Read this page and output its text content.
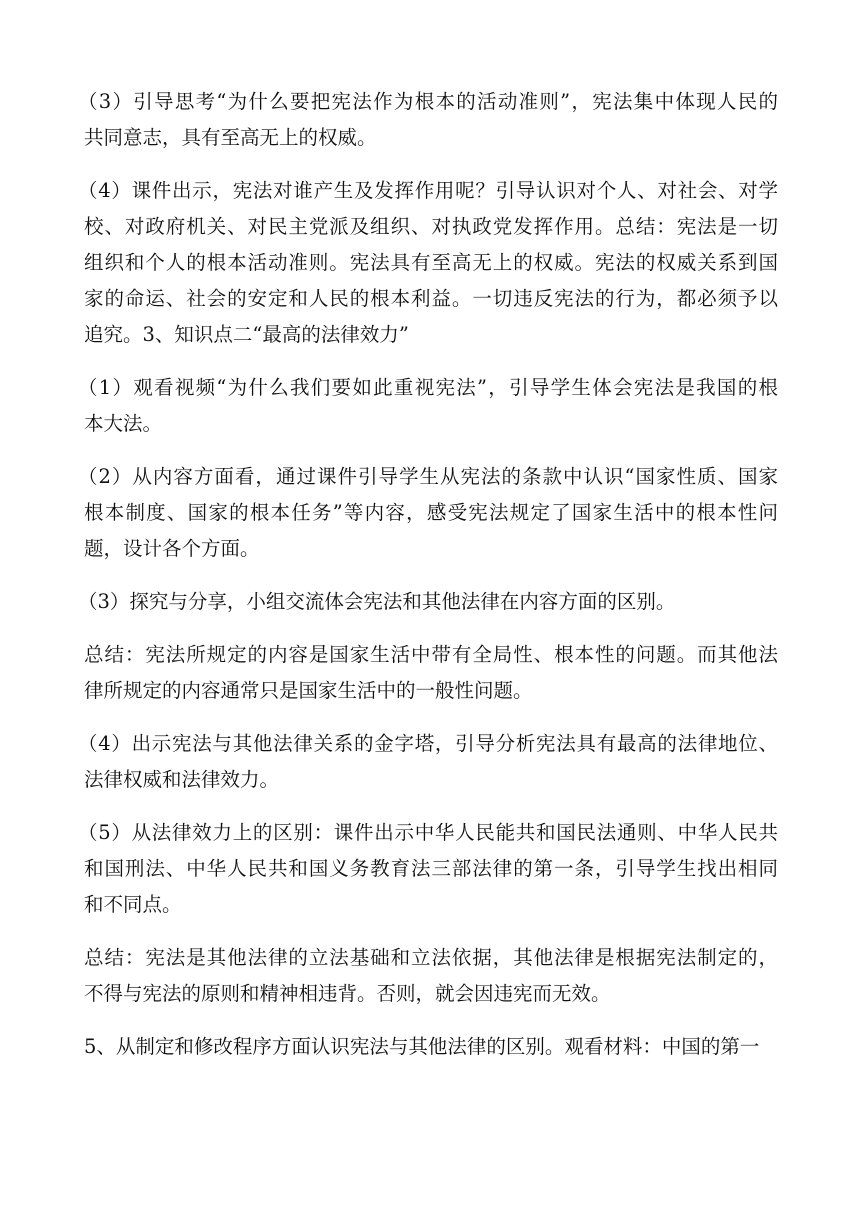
（3）引导思考“为什么要把宪法作为根本的活动准则”，宪法集中体现人民的
共同意志，具有至高无上的权威。
（4）课件出示，宪法对谁产生及发挥作用呢？引导认识对个人、对社会、对学
校、对政府机关、对民主党派及组织、对执政党发挥作用。总结：宪法是一切
组织和个人的根本活动准则。宪法具有至高无上的权威。宪法的权威关系到国
家的命运、社会的安定和人民的根本利益。一切违反宪法的行为，都必须予以
追究。3、知识点二“最高的法律效力”
（1）观看视频“为什么我们要如此重视宪法”，引导学生体会宪法是我国的根
本大法。
（2）从内容方面看，通过课件引导学生从宪法的条款中认识“国家性质、国家
根本制度、国家的根本任务”等内容，感受宪法规定了国家生活中的根本性问
题，设计各个方面。
（3）探究与分享，小组交流体会宪法和其他法律在内容方面的区别。
总结：宪法所规定的内容是国家生活中带有全局性、根本性的问题。而其他法
律所规定的内容通常只是国家生活中的一般性问题。
（4）出示宪法与其他法律关系的金字塔，引导分析宪法具有最高的法律地位、
法律权威和法律效力。
（5）从法律效力上的区别：课件出示中华人民能共和国民法通则、中华人民共
和国刑法、中华人民共和国义务教育法三部法律的第一条，引导学生找出相同
和不同点。
总结：宪法是其他法律的立法基础和立法依据，其他法律是根据宪法制定的，
不得与宪法的原则和精神相违背。否则，就会因违宪而无效。
5、从制定和修改程序方面认识宪法与其他法律的区别。观看材料：中国的第一
